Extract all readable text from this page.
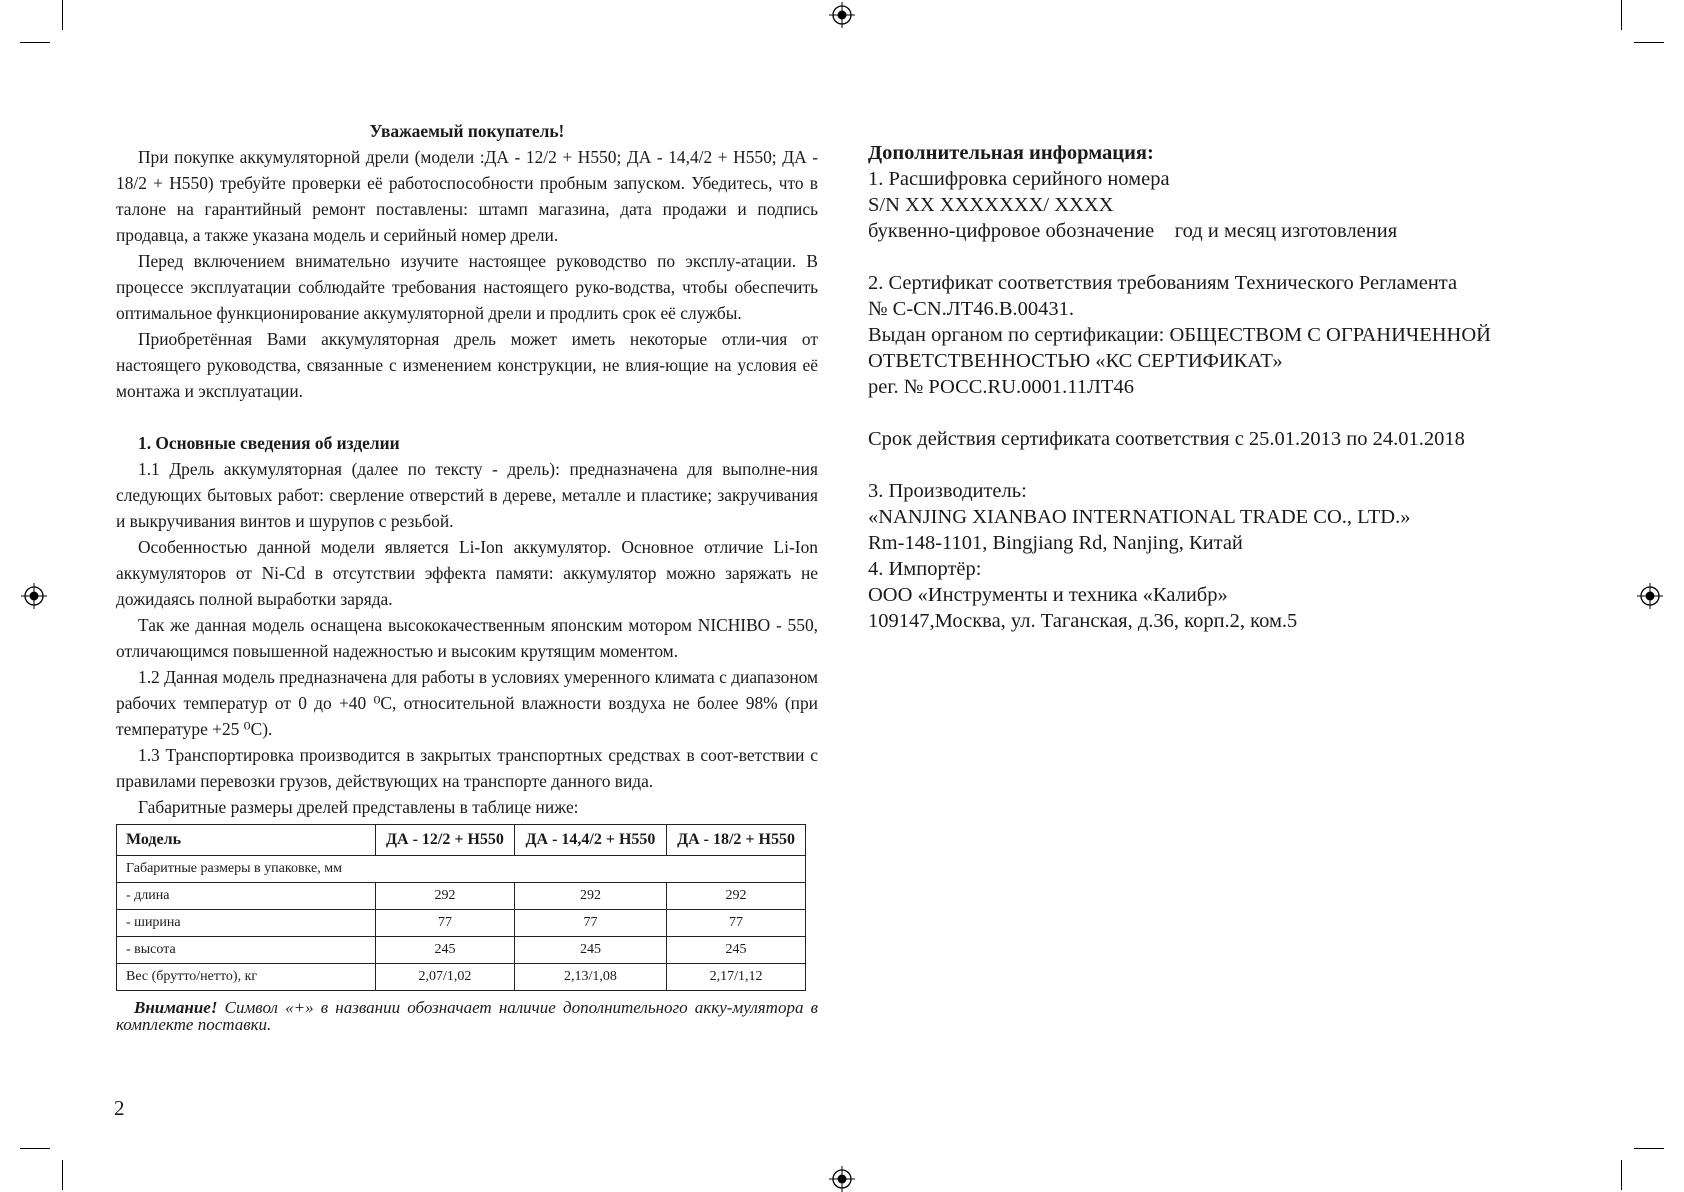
Уважаемый покупатель!

При покупке аккумуляторной дрели (модели :ДА - 12/2 + Н550; ДА - 14,4/2 + Н550; ДА - 18/2 + Н550) требуйте проверки её работоспособности пробным запуском. Убедитесь, что в талоне на гарантийный ремонт поставлены: штамп магазина, дата продажи и подпись продавца, а также указана модель и серийный номер дрели.

Перед включением внимательно изучите настоящее руководство по эксплу-атации. В процессе эксплуатации соблюдайте требования настоящего руко-водства, чтобы обеспечить оптимальное функционирование аккумуляторной дрели и продлить срок её службы.

Приобретённая Вами аккумуляторная дрель может иметь некоторые отли-чия от настоящего руководства, связанные с изменением конструкции, не влия-ющие на условия её монтажа и эксплуатации.

1. Основные сведения об изделии

1.1 Дрель аккумуляторная (далее по тексту - дрель): предназначена для выполне-ния следующих бытовых работ: сверление отверстий в дереве, металле и пластике; закручивания и выкручивания винтов и шурупов с резьбой.

Особенностью данной модели является Li-Ion аккумулятор. Основное отличие Li-Ion аккумуляторов от Ni-Cd в отсутствии эффекта памяти: аккумулятор можно заряжать не дожидаясь полной выработки заряда.

Так же данная модель оснащена высококачественным японским мотором NICHIBO - 550, отличающимся повышенной надежностью и высоким крутящим моментом.

1.2 Данная модель предназначена для работы в условиях умеренного климата с диапазоном рабочих температур от 0 до +40 ⁰С, относительной влажности воздуха не более 98% (при температуре +25 ⁰С).

1.3 Транспортировка производится в закрытых транспортных средствах в соот-ветствии с правилами перевозки грузов, действующих на транспорте данного вида.

Габаритные размеры дрелей представлены в таблице ниже:

Модель	ДА - 12/2 + Н550	ДА - 14,4/2 + Н550	ДА - 18/2 + Н550
Габаритные размеры в упаковке, мм			
- длина	292	292	292
- ширина	77	77	77
- высота	245	245	245
Вес (брутто/нетто), кг	2,07/1,02	2,13/1,08	2,17/1,12

Внимание! Символ «+» в названии обозначает наличие дополнительного акку-мулятора в комплекте поставки.

2

Дополнительная информация:

1. Расшифровка серийного номера

S/N XX XXXXXXX/ XXXX

буквенно-цифровое обозначение    год и месяц изготовления

2. Сертификат соответствия требованиям Технического Регламента

№ C-CN.ЛТ46.В.00431.

Выдан органом по сертификации: ОБЩЕСТВОМ С ОГРАНИЧЕННОЙ

ОТВЕТСТВЕННОСТЬЮ «КС СЕРТИФИКАТ»

рег. № РОСС.RU.0001.11ЛТ46

Срок действия сертификата соответствия с 25.01.2013 по 24.01.2018

3. Производитель:

«NANJING XIANBAO INTERNATIONAL TRADE CO., LTD.»

Rm-148-1101, Bingjiang Rd, Nanjing, Китай

4. Импортёр:

ООО «Инструменты и техника «Калибр»

109147,Москва, ул. Таганская, д.36, корп.2, ком.5
